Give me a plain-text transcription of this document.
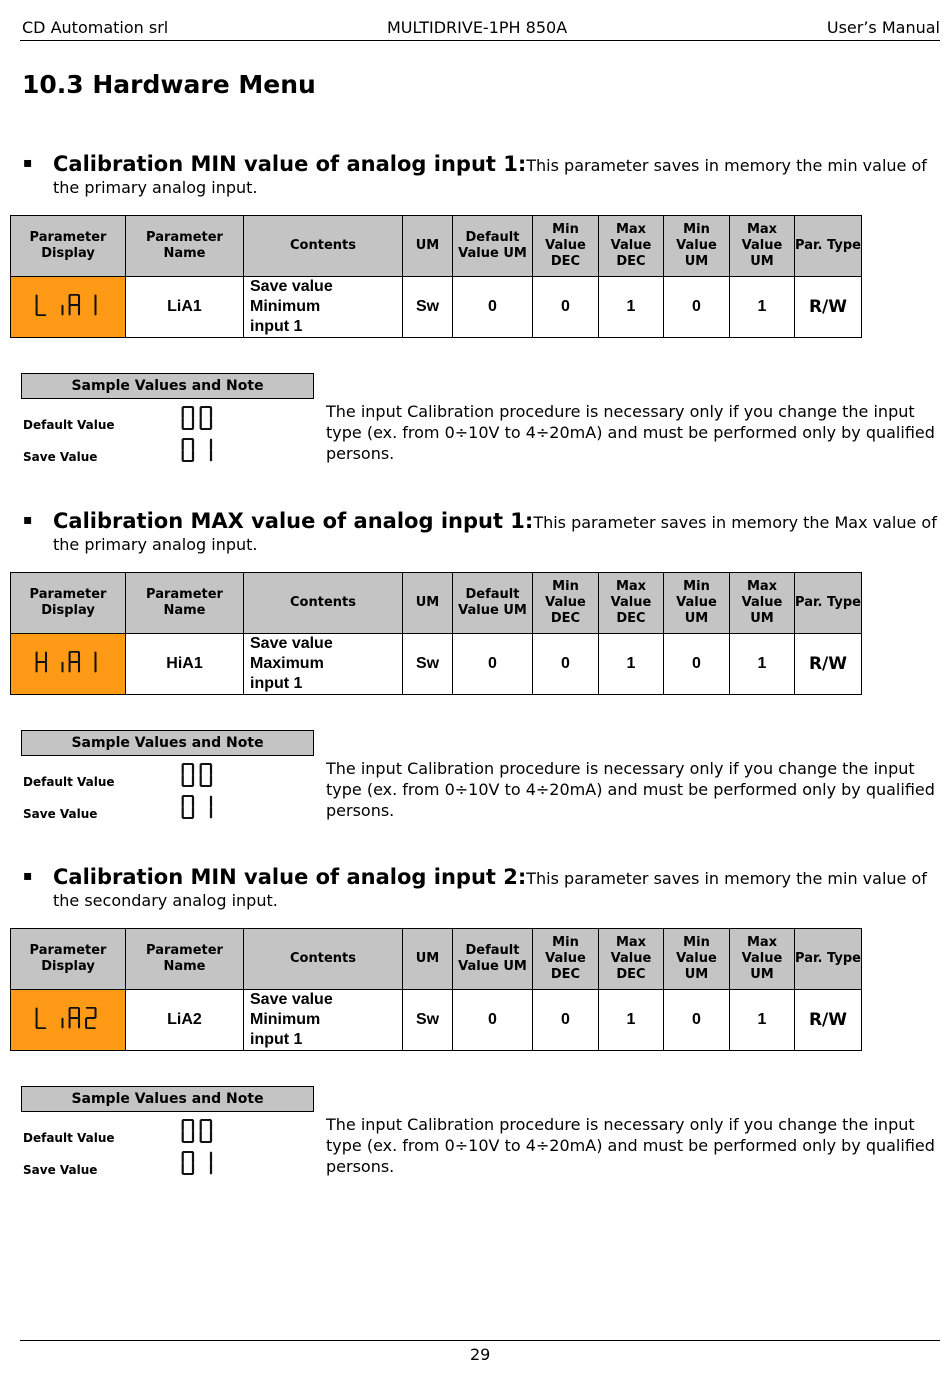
CD Automation srl	MULTIDRIVE-1PH 850A	User’s Manual
10.3 Hardware Menu
▪ Calibration MIN value of analog input 1:This parameter saves in memory the min value of the primary analog input.
Parameter Display	Parameter Name	Contents	UM	Default Value UM	Min Value DEC	Max Value DEC	Min Value UM	Max Value UM	Par. Type
	LiA1	Save value
Minimum
input 1	Sw	0	0	1	0	1	R/W
Sample Values and Note
Default Value
Save Value
The input Calibration procedure is necessary only if you change the input type (ex. from 0÷10V to 4÷20mA) and must be performed only by qualified persons.
▪ Calibration MAX value of analog input 1:This parameter saves in memory the Max value of the primary analog input.
Parameter Display	Parameter Name	Contents	UM	Default Value UM	Min Value DEC	Max Value DEC	Min Value UM	Max Value UM	Par. Type
	HiA1	Save value
Maximum
input 1	Sw	0	0	1	0	1	R/W
Sample Values and Note
Default Value
Save Value
The input Calibration procedure is necessary only if you change the input type (ex. from 0÷10V to 4÷20mA) and must be performed only by qualified persons.
▪ Calibration MIN value of analog input 2:This parameter saves in memory the min value of the secondary analog input.
Parameter Display	Parameter Name	Contents	UM	Default Value UM	Min Value DEC	Max Value DEC	Min Value UM	Max Value UM	Par. Type
	LiA2	Save value
Minimum
input 1	Sw	0	0	1	0	1	R/W
Sample Values and Note
Default Value
Save Value
The input Calibration procedure is necessary only if you change the input type (ex. from 0÷10V to 4÷20mA) and must be performed only by qualified persons.
29
